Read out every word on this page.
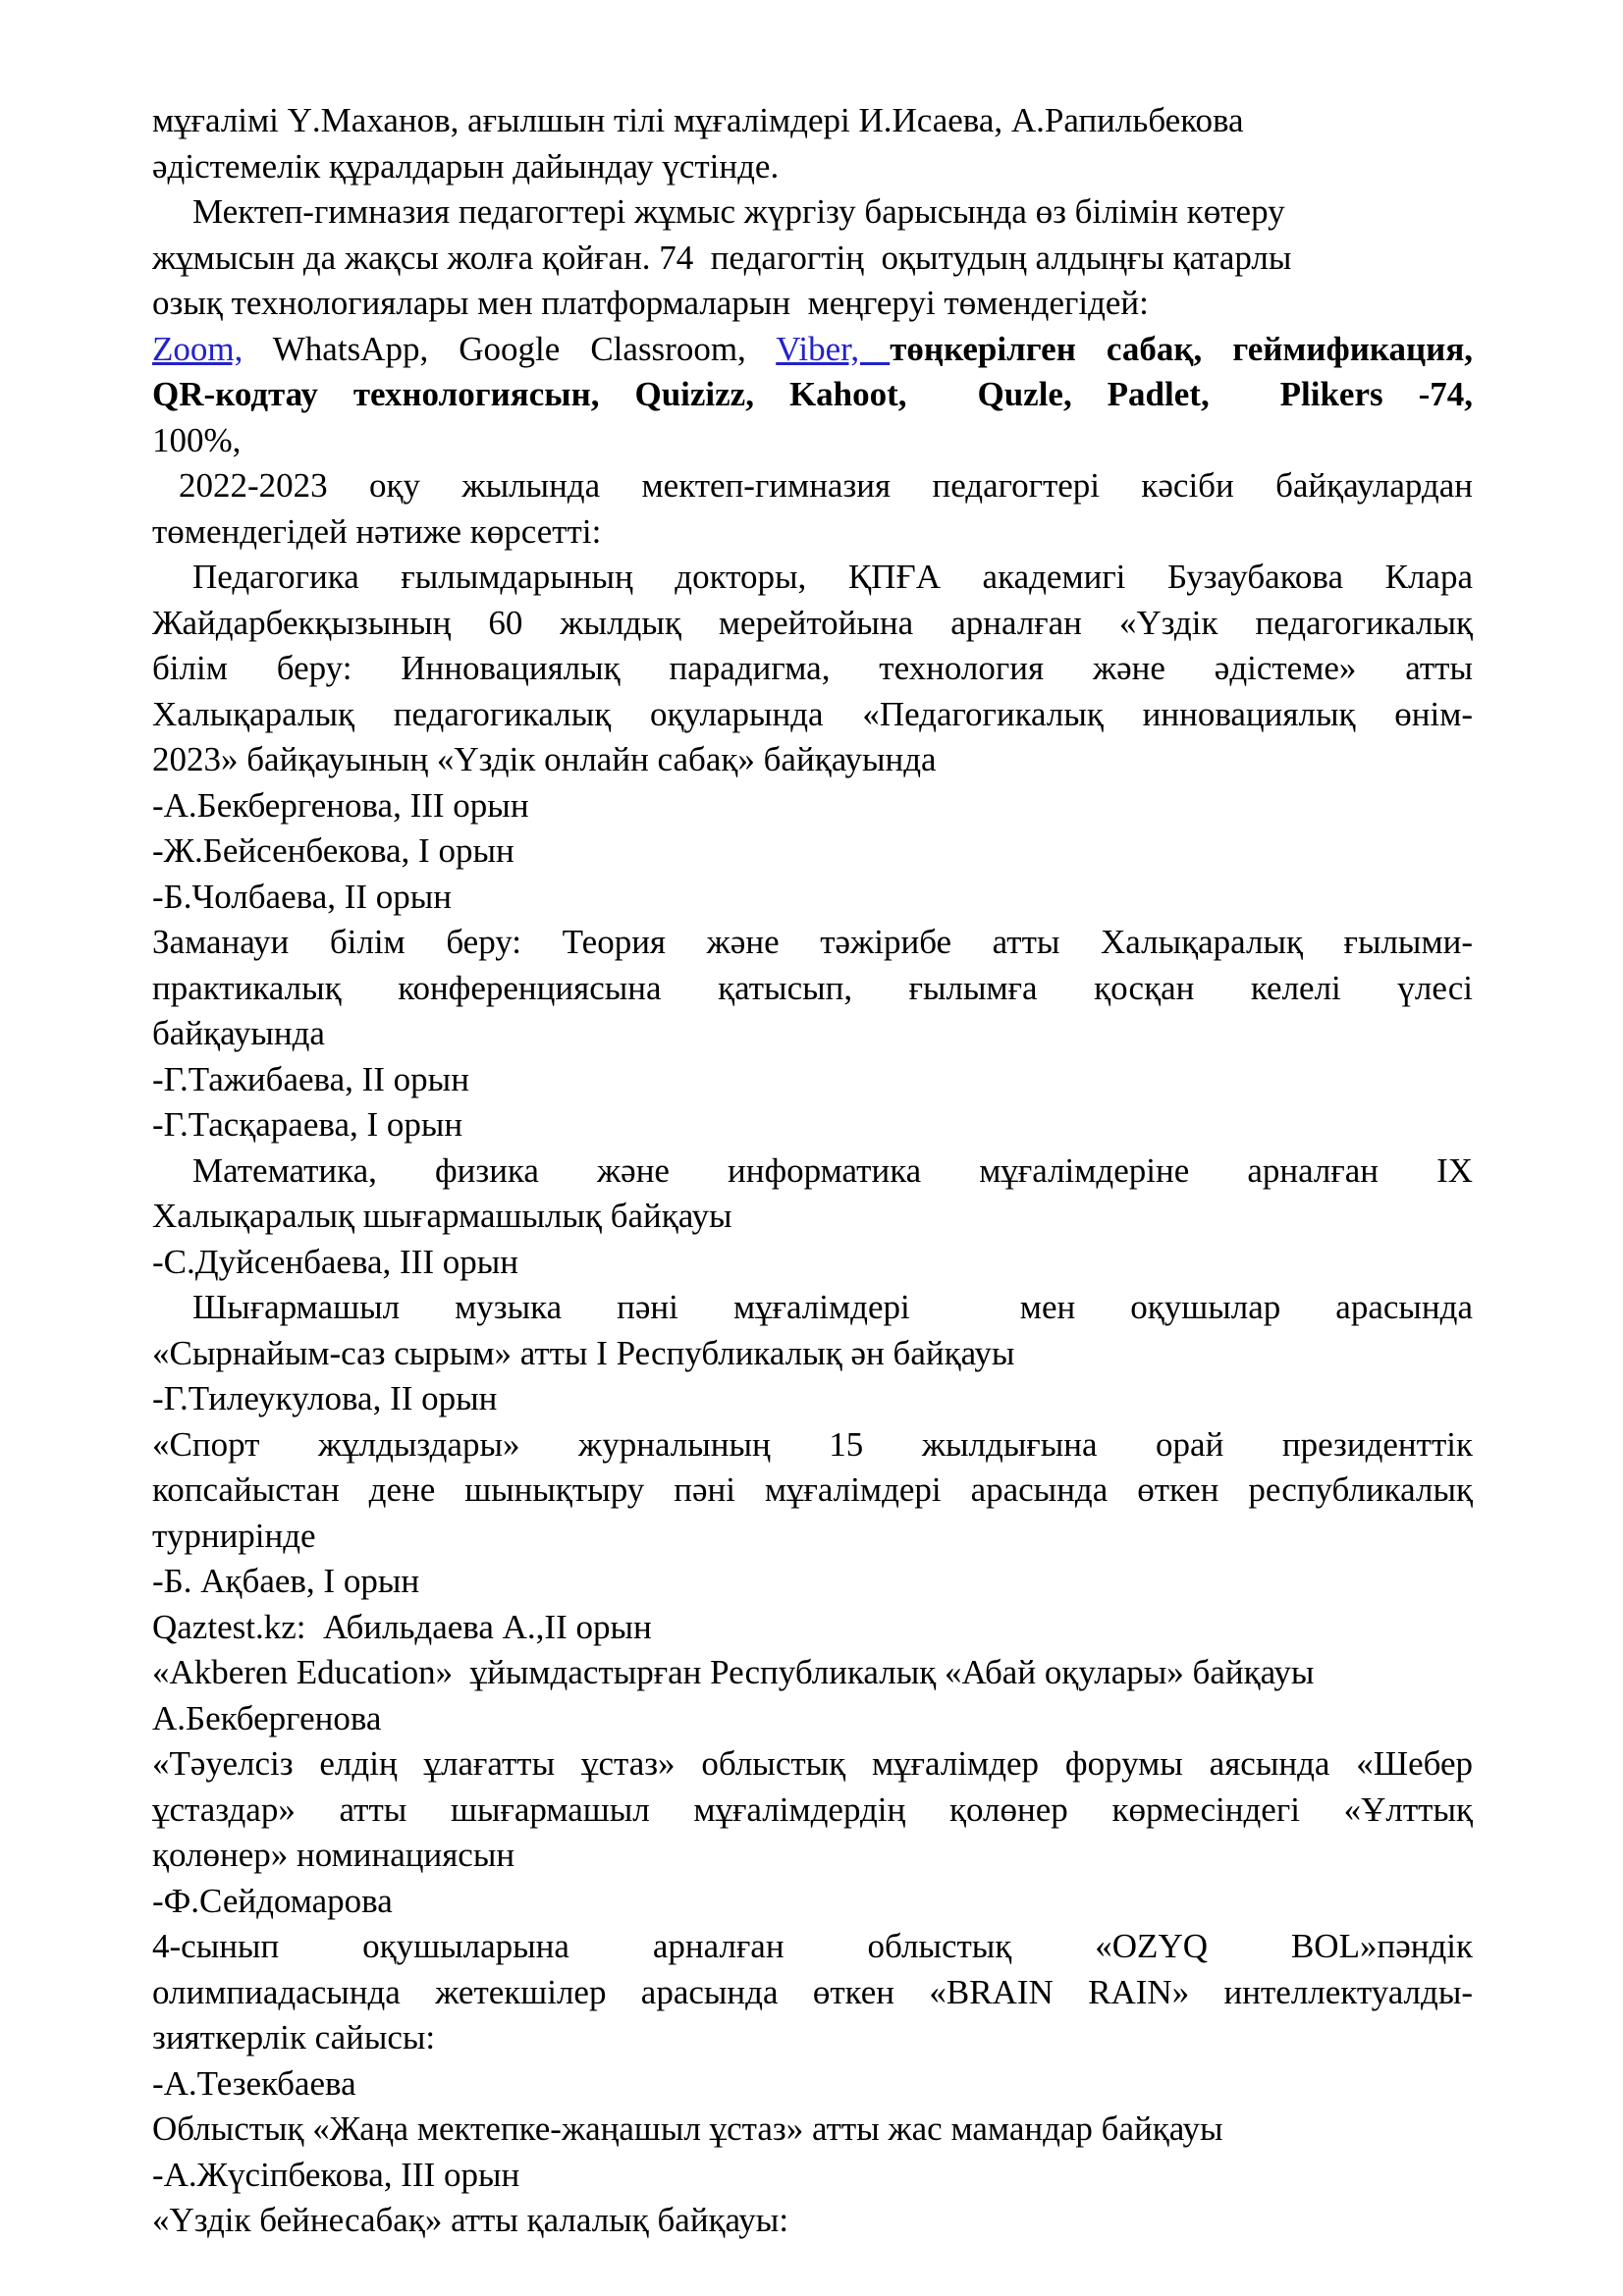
мұғалімі Ү.Маханов, ағылшын тілі мұғалімдері И.Исаева, А.Рапильбекова
әдістемелік құралдарын дайындау үстінде.
Мектеп-гимназия педагогтері жұмыс жүргізу барысында өз білімін көтеру
жұмысын да жақсы жолға қойған. 74  педагогтің  оқытудың алдыңғы қатарлы
озық технологиялары мен платформаларын  меңгеруі төмендегідей:
Zoom, WhatsApp, Google Classroom, Viber, төңкерілген сабақ, геймификация,
QR-кодтау технологиясын, Quizizz, Kahoot,  Quzle, Padlet,  Plikers -74,
100%,
2022-2023 оқу жылында мектеп-гимназия педагогтері кәсіби байқаулардан
төмендегідей нәтиже көрсетті:
Педагогика ғылымдарының докторы, ҚПҒА академигі Бузаубакова Клара
Жайдарбекқызының 60 жылдық мерейтойына арналған «Үздік педагогикалық
білім беру: Инновациялық парадигма, технология және әдістеме» атты
Халықаралық педагогикалық оқуларында «Педагогикалық инновациялық өнім-
2023» байқауының «Үздік онлайн сабақ» байқауында
-А.Бекбергенова, III орын
-Ж.Бейсенбекова, I орын
-Б.Чолбаева, II орын
Заманауи білім беру: Теория және тәжірибе атты Халықаралық ғылыми-
практикалық конференциясына қатысып, ғылымға қосқан келелі үлесі
байқауында
-Г.Тажибаева, II орын
-Г.Тасқараева, I орын
Математика, физика және информатика мұғалімдеріне арналған IX
Халықаралық шығармашылық байқауы
-С.Дуйсенбаева, III орын
Шығармашыл музыка пәні мұғалімдері  мен оқушылар арасында
«Сырнайым-саз сырым» атты I Республикалық ән байқауы
-Г.Тилеукулова, II орын
«Спорт жұлдыздары» журналының 15 жылдығына орай президенттік
копсайыстан дене шынықтыру пәні мұғалімдері арасында өткен республикалық
турнирінде
-Б. Ақбаев, I орын
Qaztest.kz:  Абильдаева А.,II орын
«Akberen Education»  ұйымдастырған Республикалық «Абай оқулары» байқауы
А.Бекбергенова
«Тәуелсіз елдің ұлағатты ұстаз» облыстық мұғалімдер форумы аясында «Шебер
ұстаздар» атты шығармашыл мұғалімдердің қолөнер көрмесіндегі «Ұлттық
қолөнер» номинациясын
-Ф.Сейдомарова
4-сынып оқушыларына арналған облыстық «OZYQ BOL»пәндік
олимпиадасында жетекшілер арасында өткен «BRAIN RAIN» интеллектуалды-
зияткерлік сайысы:
-А.Тезекбаева
Облыстық «Жаңа мектепке-жаңашыл ұстаз» атты жас мамандар байқауы
-А.Жүсіпбекова, III орын
«Үздік бейнесабақ» атты қалалық байқауы:
